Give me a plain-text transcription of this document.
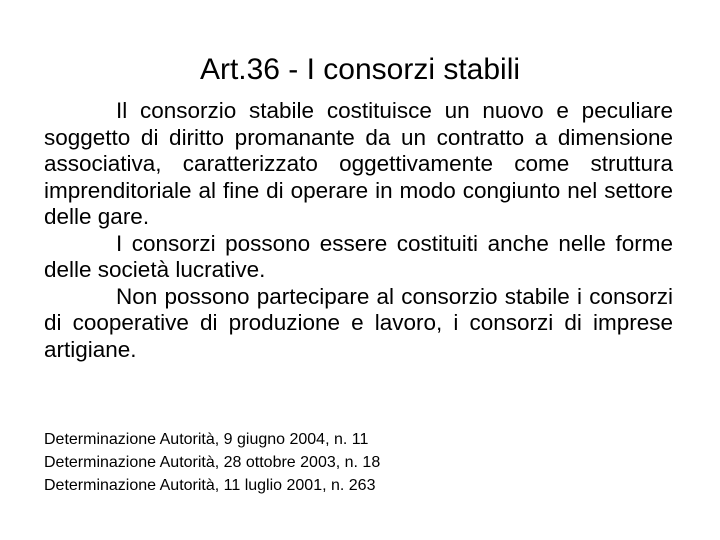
Art.36 - I consorzi stabili

Il consorzio stabile costituisce un nuovo e peculiare soggetto di diritto promanante da un contratto a dimensione associativa, caratterizzato oggettivamente come struttura imprenditoriale al fine di operare in modo congiunto nel settore delle gare.

I consorzi possono essere costituiti anche nelle forme delle società lucrative.

Non possono partecipare al consorzio stabile i consorzi di cooperative di produzione e lavoro, i consorzi di imprese artigiane.

Determinazione Autorità, 9 giugno 2004, n. 11
Determinazione Autorità, 28 ottobre 2003, n. 18
Determinazione Autorità, 11 luglio 2001, n. 263
